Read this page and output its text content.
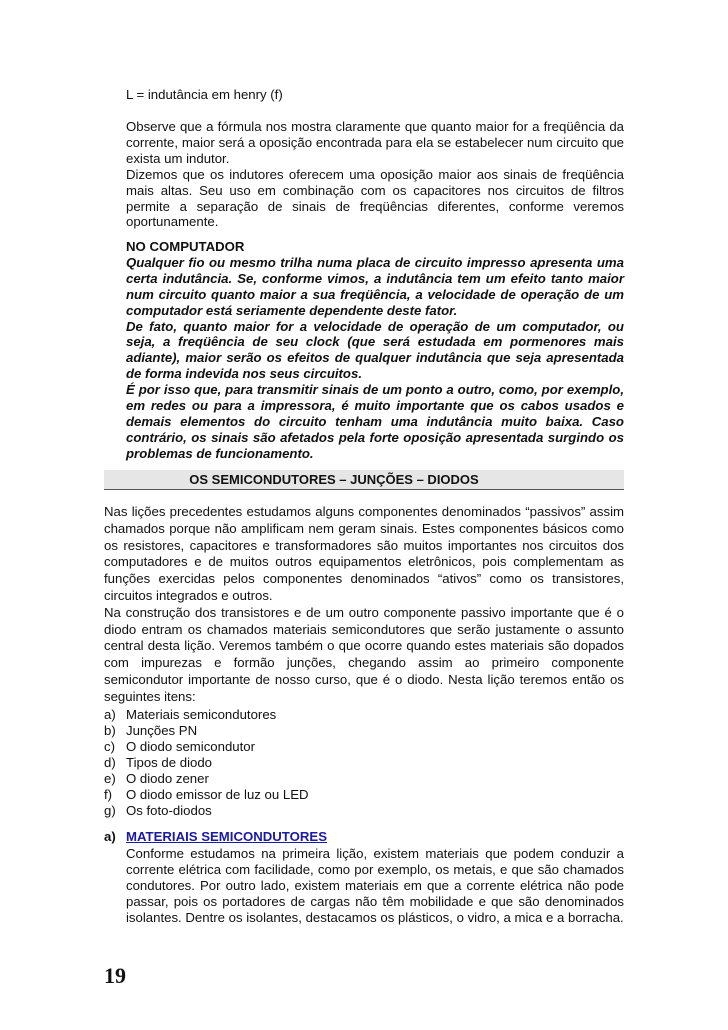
L = indutância em henry (f)

Observe que a fórmula nos mostra claramente que quanto maior for a freqüência da corrente, maior será a oposição encontrada para ela se estabelecer num circuito que exista um indutor.

Dizemos que os indutores oferecem uma oposição maior aos sinais de freqüência mais altas. Seu uso em combinação com os capacitores nos circuitos de filtros permite a separação de sinais de freqüências diferentes, conforme veremos oportunamente.

NO COMPUTADOR

Qualquer fio ou mesmo trilha numa placa de circuito impresso apresenta uma certa indutância. Se, conforme vimos, a indutância tem um efeito tanto maior num circuito quanto maior a sua freqüência, a velocidade de operação de um computador está seriamente dependente deste fator.

De fato, quanto maior for a velocidade de operação de um computador, ou seja, a freqüência de seu clock (que será estudada em pormenores mais adiante), maior serão os efeitos de qualquer indutância que seja apresentada de forma indevida nos seus circuitos.

É por isso que, para transmitir sinais de um ponto a outro, como, por exemplo, em redes ou para a impressora, é muito importante que os cabos usados e demais elementos do circuito tenham uma indutância muito baixa. Caso contrário, os sinais são afetados pela forte oposição apresentada surgindo os problemas de funcionamento.

OS SEMICONDUTORES – JUNÇÕES – DIODOS

Nas lições precedentes estudamos alguns componentes denominados “passivos” assim chamados porque não amplificam nem geram sinais. Estes componentes básicos como os resistores, capacitores e transformadores são muitos importantes nos circuitos dos computadores e de muitos outros equipamentos eletrônicos, pois complementam as funções exercidas pelos componentes denominados “ativos” como os transistores, circuitos integrados e outros.

Na construção dos transistores e de um outro componente passivo importante que é o diodo entram os chamados materiais semicondutores que serão justamente o assunto central desta lição. Veremos também o que ocorre quando estes materiais são dopados com impurezas e formão junções, chegando assim ao primeiro componente semicondutor importante de nosso curso, que é o diodo. Nesta lição teremos então os seguintes itens:

a) Materiais semicondutores
b) Junções PN
c) O diodo semicondutor
d) Tipos de diodo
e) O diodo zener
f)	O diodo emissor de luz ou LED
g) Os foto-diodos
a) MATERIAIS SEMICONDUTORES

Conforme estudamos na primeira lição, existem materiais que podem conduzir a corrente elétrica com facilidade, como por exemplo, os metais, e que são chamados condutores. Por outro lado, existem materiais em que a corrente elétrica não pode passar, pois os portadores de cargas não têm mobilidade e que são denominados isolantes. Dentre os isolantes, destacamos os plásticos, o vidro, a mica e a borracha.

19
